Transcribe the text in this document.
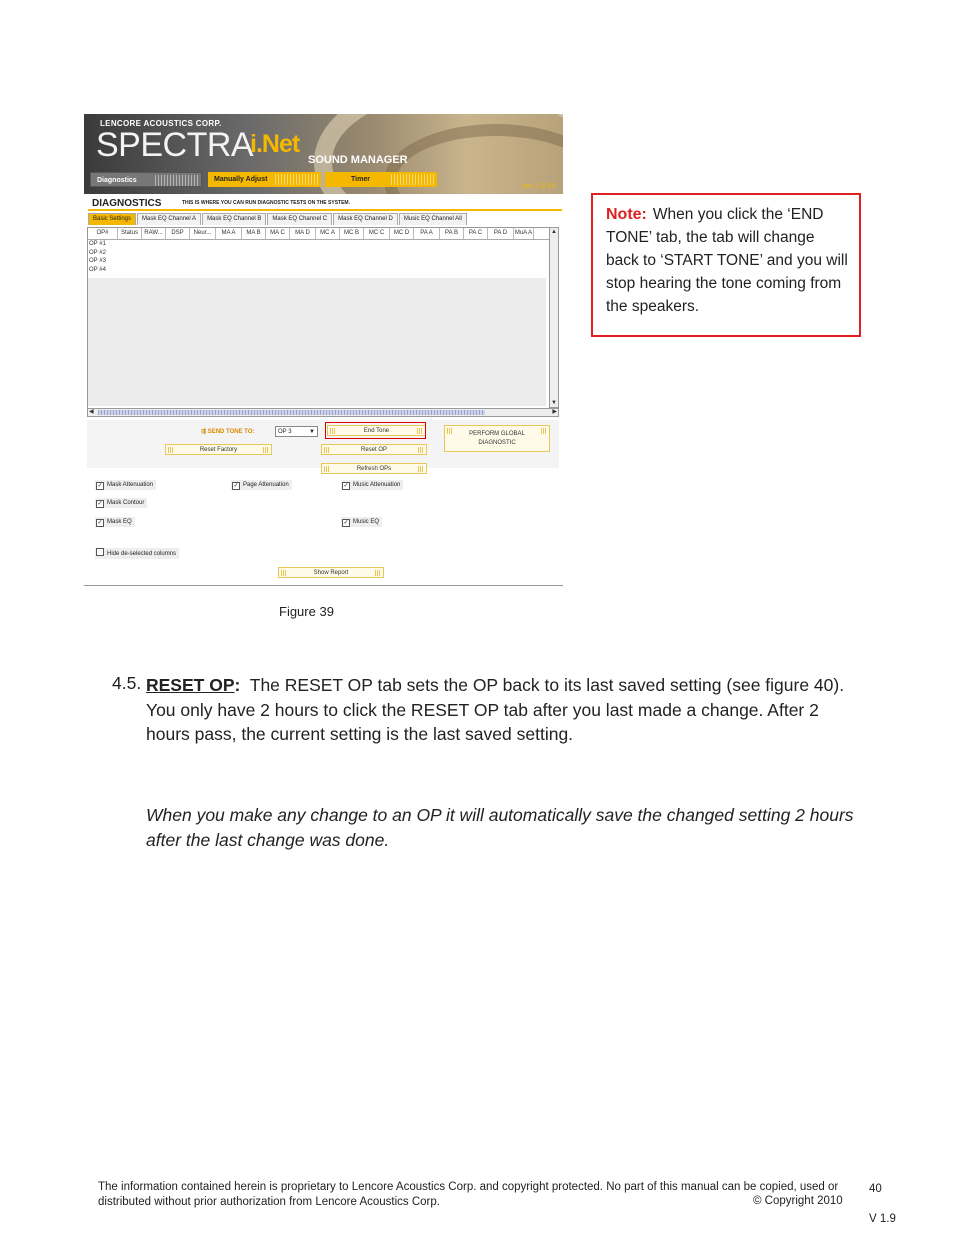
LENCORE ACOUSTICS CORP.
SPECTRA
i.Net
SOUND MANAGER
ver. 1.0.19
Diagnostics	Manually Adjust	Timer
DIAGNOSTICS	THIS IS WHERE YOU CAN RUN DIAGNOSTIC TESTS ON THE SYSTEM.
Basic Settings	Mask EQ Channel A	Mask EQ Channel B	Mask EQ Channel C	Mask EQ Channel D	Music EQ Channel All
OP#	Status	RAW...	DSP	Neur...	MA A	MA B	MA C	MA D	MC A	MC B	MC C	MC D	PA A	PA B	PA C	PA D	MuA A
OP #1
OP #2
OP #3
OP #4
▲
▼
◀	▶
⇶ SEND TONE TO:	OP 3	▼	End Tone	PERFORM GLOBAL
DIAGNOSTIC
Reset Factory	Reset OP
Refresh OPs
✓ Mask Attenuation	✓ Page Attenuation	✓ Music Attenuation
✓ Mask Contour
✓ Mask EQ	✓ Music EQ
Hide de-selected columns
Show Report
Figure 39
Note: When you click the ‘END TONE’ tab, the tab will change back to ‘START TONE’ and you will stop hearing the tone coming from the speakers.
4.5. RESET OP: The RESET OP tab sets the OP back to its last saved setting (see figure 40). You only have 2 hours to click the RESET OP tab after you last made a change. After 2 hours pass, the current setting is the last saved setting.
When you make any change to an OP it will automatically save the changed setting 2 hours after the last change was done.
The information contained herein is proprietary to Lencore Acoustics Corp. and copyright protected. No part of this manual can be copied, used or distributed without prior authorization from Lencore Acoustics Corp.	© Copyright 2010
40
V 1.9
